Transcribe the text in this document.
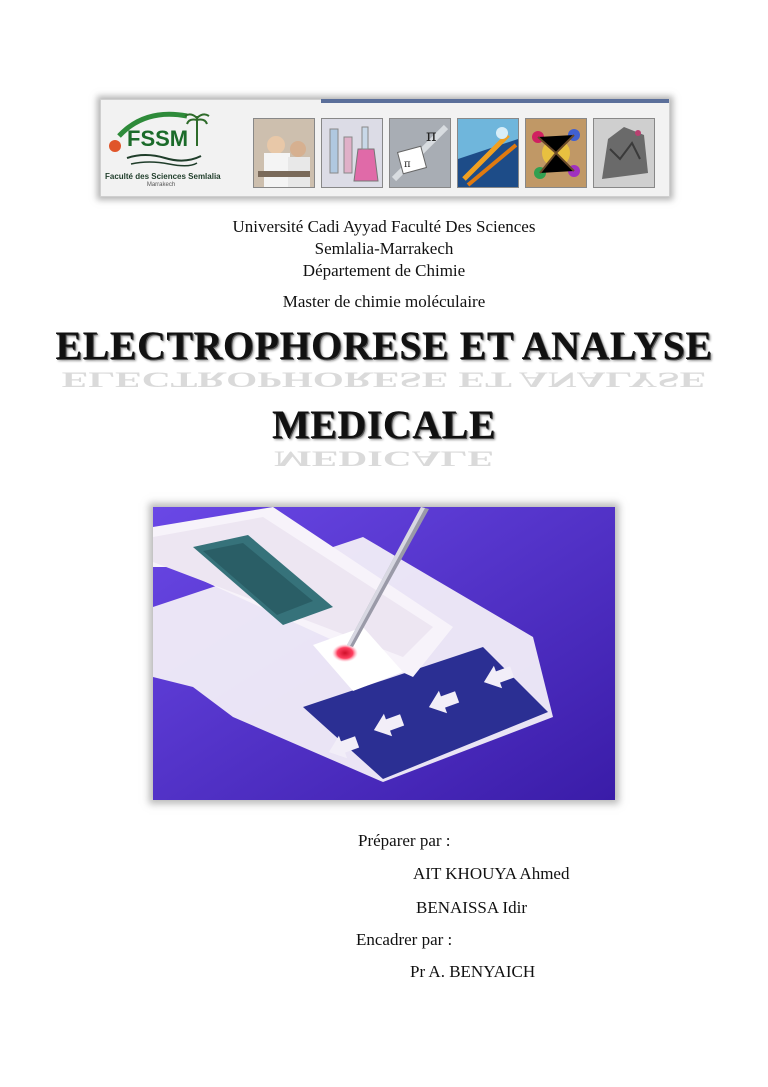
FSSM
Faculté des Sciences Semlalia
Marrakech
π
π
Université Cadi Ayyad Faculté Des Sciences
Semlalia-Marrakech
Département de Chimie
Master de chimie moléculaire
ELECTROPHORESE ET ANALYSE
ELECTROPHORESE ET ANALYSE
MEDICALE
MEDICALE
Préparer par :
AIT KHOUYA Ahmed
BENAISSA Idir
Encadrer par :
Pr A. BENYAICH
